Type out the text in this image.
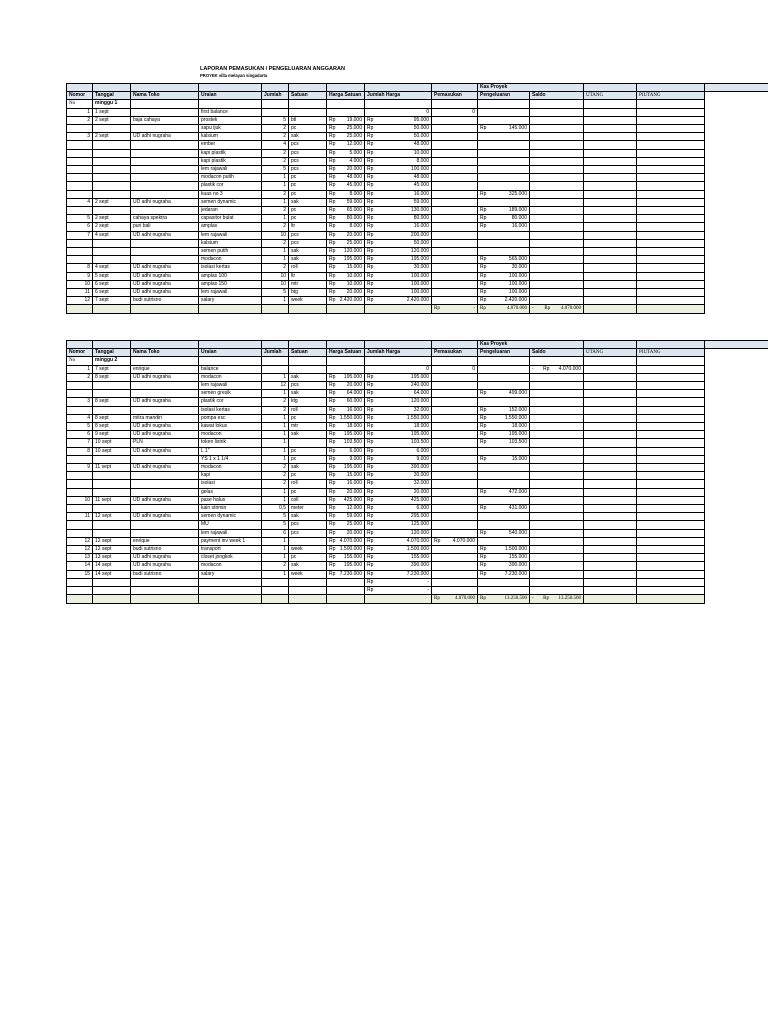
LAPORAN PEMASUKAN / PENGELUARAN ANGGARAN
PROYEK villa melayan singadarta
									Kas Proyek				
Nomor	Tanggal	Nama Toko	Uraian	Jumlah	Satuan	Harga Satuan	Jumlah Harga	Pemasukan	Pengeluaran	Saldo	UTANG	PIUTANG	
No	minggu 1												
1	1 sept		first balance				0	0		

2	2 sept	baja cahaya	prostek	5	btl	Rp 19.000	Rp 95.000						

			sapu ijuk	2	pc	Rp 25.000	Rp 50.000		Rp 145.000				

3	2 sept	UD adhi nugraha	kalsium	2	sak	Rp 25.000	Rp 50.000						

			ember	4	pcs	Rp 12.000	Rp 48.000						

			kapi plastik	2	pcs	Rp 5.000	Rp 10.000						

			kapi plastik	2	pcs	Rp 4.000	Rp 8.000						

			lem rajawali	5	pcs	Rp 20.000	Rp 100.000						

			modacon putih	1	pc	Rp 48.000	Rp 48.000						

			plastik cor	1	pc	Rp 45.000	Rp 45.000						

			kuas no 3	2	pc	Rp 8.000	Rp 16.000		Rp 325.000				

4	2 sept	UD adhi nugraha	semen dynamic	1	sak	Rp 59.000	Rp 59.000						

			jedaran	2	pc	Rp 65.000	Rp 130.000		Rp 189.000				

5	2 sept	cahaya spektra	capasitor bulat	1	pc	Rp 80.000	Rp 80.000		Rp 80.000				

6	2 sept	puri bali	amplas	2	ltr	Rp 8.000	Rp 16.000		Rp 16.000				

7	4 sept	UD adhi nugraha	lem rajawali	10	pcs	Rp 20.000	Rp 200.000						

			kalsium	2	pcs	Rp 25.000	Rp 50.000						

			semen putih	1	sak	Rp 120.000	Rp 120.000						

			modacon	1	sak	Rp 195.000	Rp 195.000		Rp 565.000				

8	4 sept	UD adhi nugraha	isolasi kertas	2	roll	Rp 15.000	Rp 30.000		Rp 30.000				

9	5 sept	UD adhi nugraha	amplas 100	10	ltr	Rp 10.000	Rp 100.000		Rp 100.000				

10	6 sept	UD adhi nugraha	amplas 150	10	mtr	Rp 10.000	Rp 100.000		Rp 100.000				

11	6 sept	UD adhi nugraha	lem rajawali	5	btg	Rp 20.000	Rp 100.000		Rp 100.000				

12	7 sept	budi sutrisno	salary	1	week	Rp 2.420.000	Rp 2.420.000		Rp 2.420.000				

								Rp -	Rp 4.070.000	- Rp 4.070.000			

									Kas Proyek				
Nomor	Tanggal	Nama Toko	Uraian	Jumlah	Satuan	Harga Satuan	Jumlah Harga	Pemasukan	Pengeluaran	Saldo	UTANG	PIUTANG	
No	minggu 2												
1	7 sept	enrique	balance				0	0		- Rp 4.070.000			

2	8 sept	UD adhi nugraha	modacon	1	sak	Rp 195.000	Rp 195.000						

			lem rajawali	12	pcs	Rp 20.000	Rp 240.000						

			semen gresik	1	sak	Rp 64.000	Rp 64.000		Rp 499.000				

3	8 sept	UD adhi nugraha	plastik cor	2	ktg	Rp 60.000	Rp 120.000						

			isolasi kertas	2	roll	Rp 16.000	Rp 32.000		Rp 152.000				

4	8 sept	mitra mandiri	pompa esc	1	pc	Rp 1.550.000	Rp 1.550.000		Rp 1.550.000				

5	8 sept	UD adhi nugraha	kawat lokus	1	mtr	Rp 18.000	Rp 18.000		Rp 18.000				

6	9 sept	UD adhi nugraha	modacon	1	sak	Rp 195.000	Rp 195.000		Rp 195.000				

7	10 sept	PLN	token listrik	1		Rp 103.500	Rp 103.500		Rp 103.500				

8	10 sept	UD adhi nugraha	L 1"	1	pc	Rp 6.000	Rp 6.000						

			YS 1 x 1 1/4	1	pc	Rp 9.000	Rp 9.000		Rp 15.000				

9	11 sept	UD adhi nugraha	modacon	2	sak	Rp 195.000	Rp 390.000						

			kapi	2	pc	Rp 15.000	Rp 30.000						

			isolasi	2	roll	Rp 16.000	Rp 32.000						

			gelas	1	pc	Rp 20.000	Rp 20.000		Rp 472.000				

10	11 sept	UD adhi nugraha	pase halus	1	coll	Rp 425.000	Rp 425.000						

			kain strimin	0,5	meter	Rp 12.000	Rp 6.000		Rp 431.000				

11	12 sept	UD adhi nugraha	semen dynamic	5	sak	Rp 59.000	Rp 295.000						

			MU	5	pcs	Rp 25.000	Rp 125.000						

			lem rajawali	6	pcs	Rp 20.000	Rp 120.000		Rp 540.000				

12	12 sept	enrique	payment inv week 1	1		Rp 4.070.000	Rp 4.070.000	Rp 4.070.000					

12	12 sept	budi sutrisno	transport	1	week	Rp 1.500.000	Rp 1.500.000		Rp 1.500.000				

13	13 sept	UD adhi nugraha	closet jongkok	1	pc	Rp 155.000	Rp 155.000		Rp 155.000				

14	14 sept	UD adhi nugraha	modacon	2	sak	Rp 195.000	Rp 390.000		Rp 390.000				

15	14 sept	budi sutrisno	salary	1	week	Rp 7.230.000	Rp 7.230.000		Rp 7.230.000				

							Rp -						

							Rp -						

								Rp 4.070.000	Rp 13.250.500	- Rp 13.250.500			
